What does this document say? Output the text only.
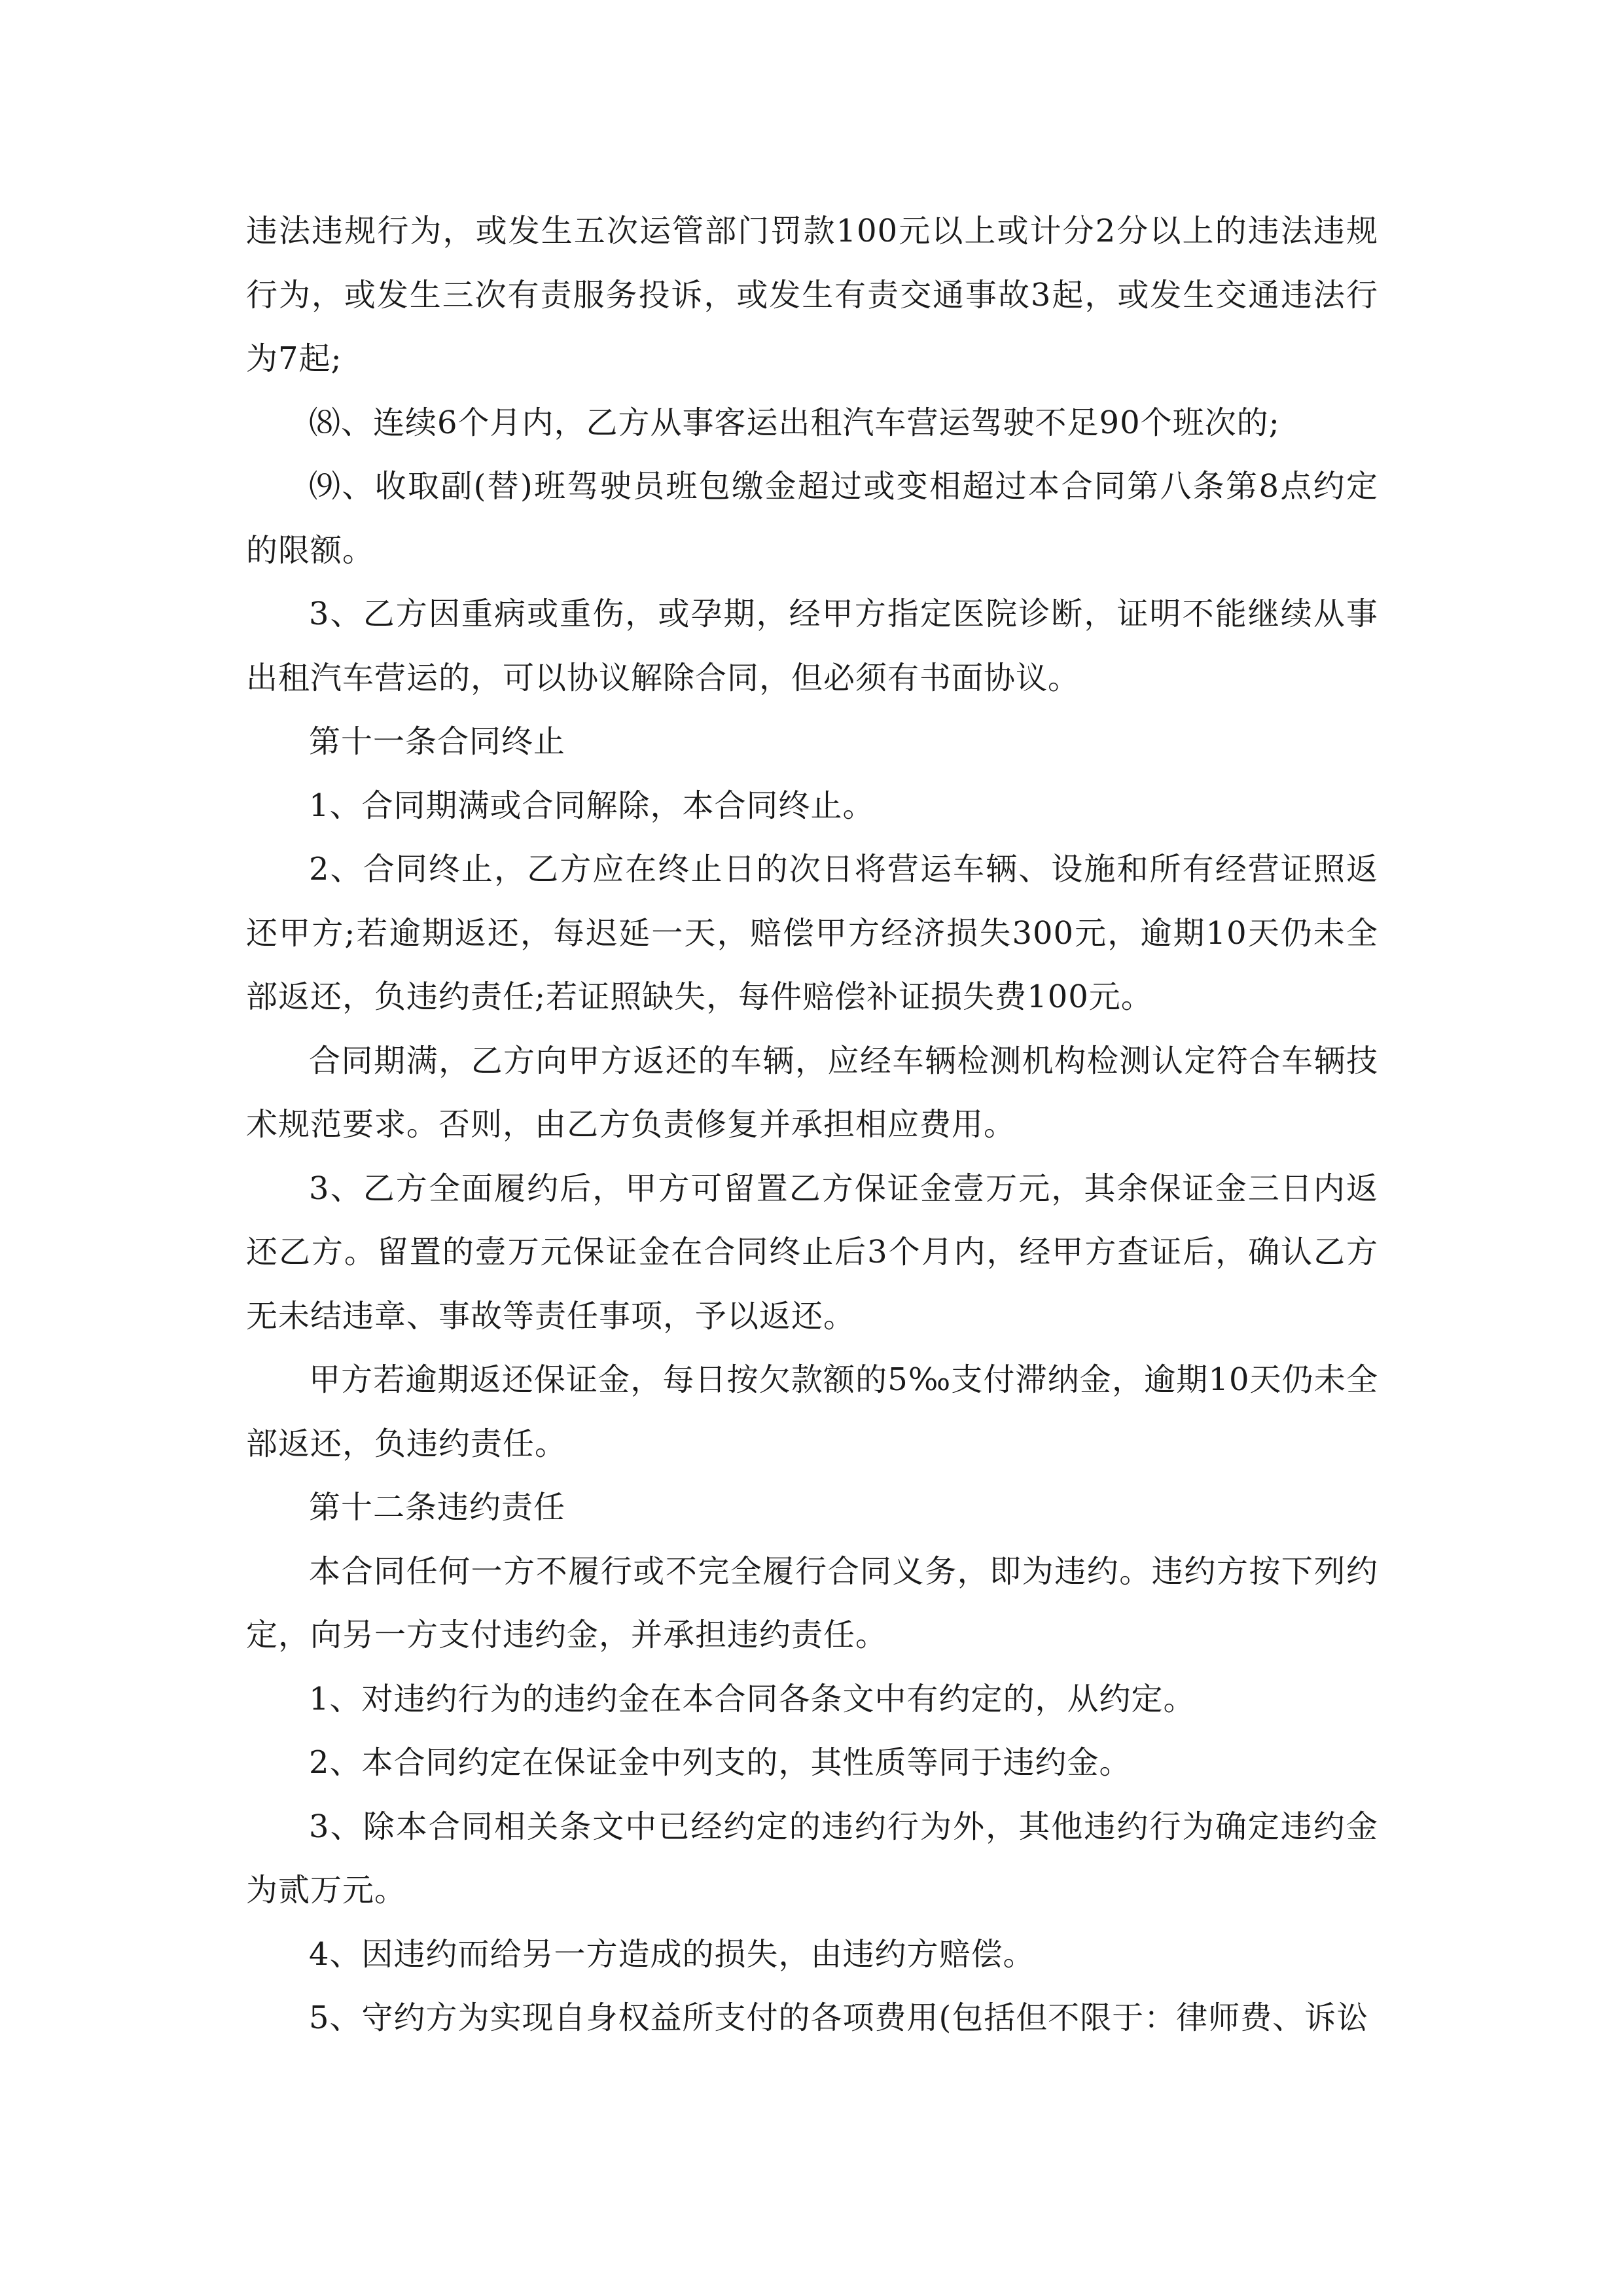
违法违规行为，或发生五次运管部门罚款100元以上或计分2分以上的违法违规行为，或发生三次有责服务投诉，或发生有责交通事故3起，或发生交通违法行为7起;

⑻、连续6个月内，乙方从事客运出租汽车营运驾驶不足90个班次的;

⑼、收取副(替)班驾驶员班包缴金超过或变相超过本合同第八条第8点约定的限额。

3、乙方因重病或重伤，或孕期，经甲方指定医院诊断，证明不能继续从事出租汽车营运的，可以协议解除合同，但必须有书面协议。

第十一条合同终止

1、合同期满或合同解除，本合同终止。

2、合同终止，乙方应在终止日的次日将营运车辆、设施和所有经营证照返还甲方;若逾期返还，每迟延一天，赔偿甲方经济损失300元，逾期10天仍未全部返还，负违约责任;若证照缺失，每件赔偿补证损失费100元。

合同期满，乙方向甲方返还的车辆，应经车辆检测机构检测认定符合车辆技术规范要求。否则，由乙方负责修复并承担相应费用。

3、乙方全面履约后，甲方可留置乙方保证金壹万元，其余保证金三日内返还乙方。留置的壹万元保证金在合同终止后3个月内，经甲方查证后，确认乙方无未结违章、事故等责任事项，予以返还。

甲方若逾期返还保证金，每日按欠款额的5‰支付滞纳金，逾期10天仍未全部返还，负违约责任。

第十二条违约责任

本合同任何一方不履行或不完全履行合同义务，即为违约。违约方按下列约定，向另一方支付违约金，并承担违约责任。

1、对违约行为的违约金在本合同各条文中有约定的，从约定。

2、本合同约定在保证金中列支的，其性质等同于违约金。

3、除本合同相关条文中已经约定的违约行为外，其他违约行为确定违约金为贰万元。

4、因违约而给另一方造成的损失，由违约方赔偿。

5、守约方为实现自身权益所支付的各项费用(包括但不限于：律师费、诉讼
